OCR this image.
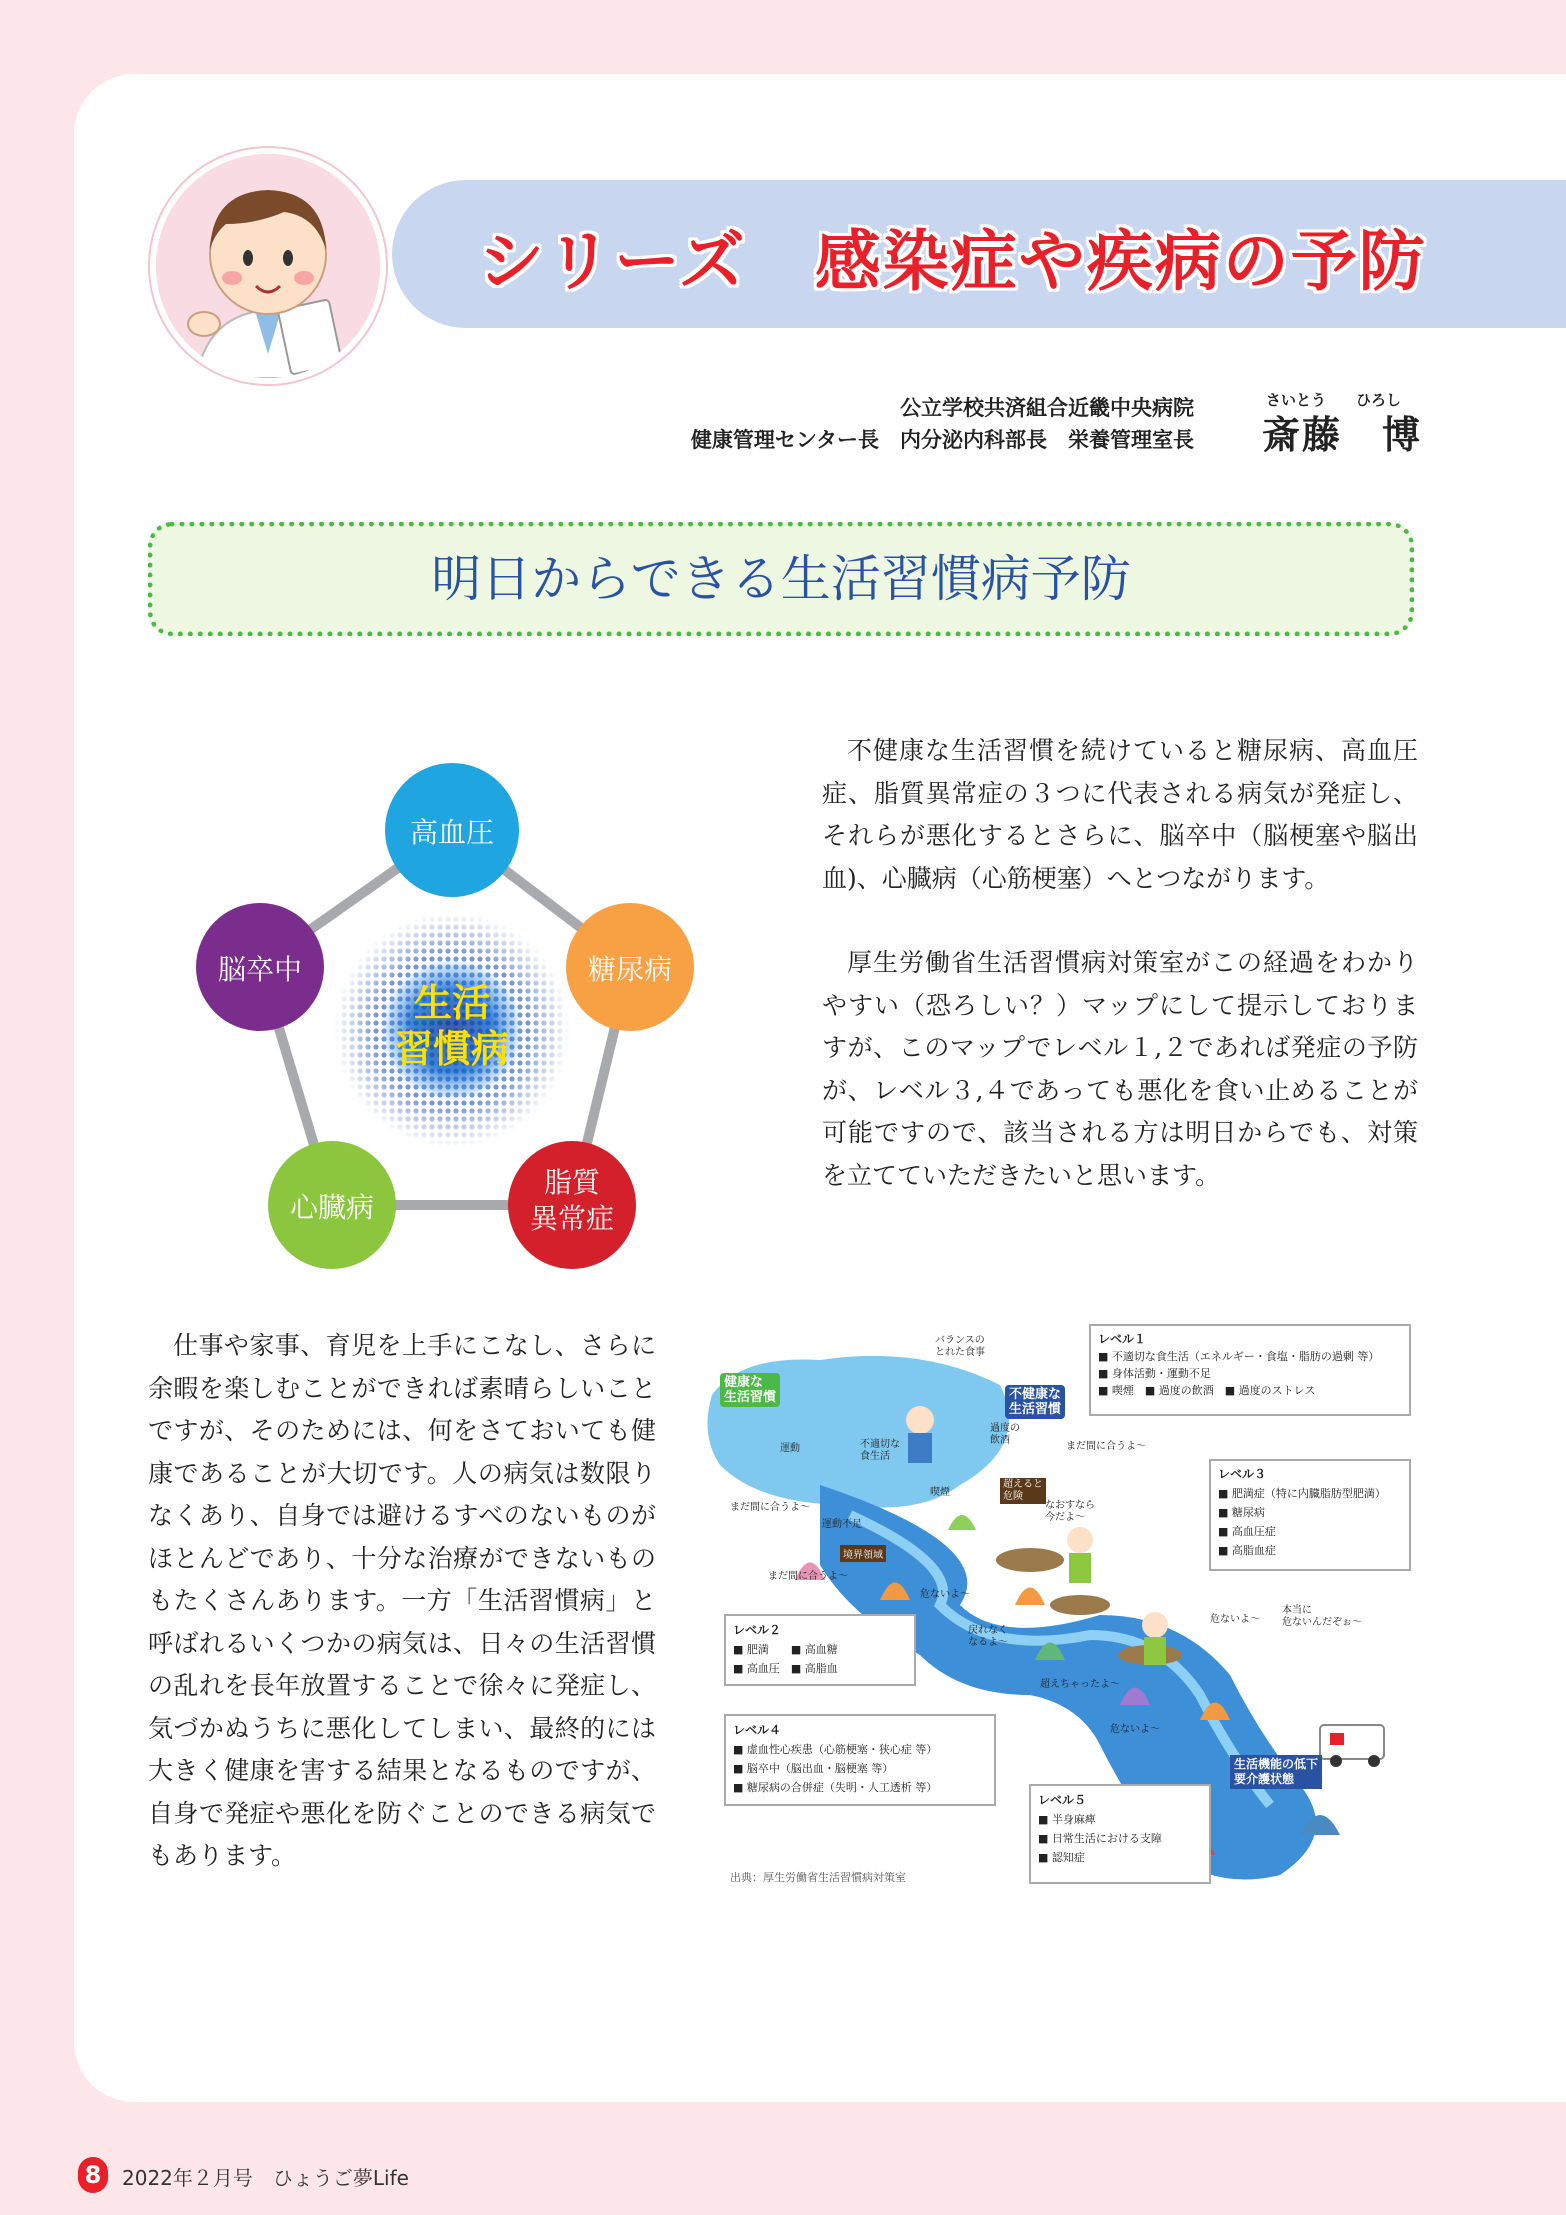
シリーズ　感染症や疾病の予防
公立学校共済組合近畿中央病院
健康管理センター長　内分泌内科部長　栄養管理室長
さいとう　　ひろし
斎藤　博
明日からできる生活習慣病予防
高血圧
糖尿病
脂質
異常症
心臓病
脳卒中
生活
習慣病

不健康な生活習慣を続けていると糖尿病、高血圧症、脂質異常症の３つに代表される病気が発症し、それらが悪化するとさらに、脳卒中（脳梗塞や脳出血)、心臓病（心筋梗塞）へとつながります。

厚生労働省生活習慣病対策室がこの経過をわかりやすい（恐ろしい？）マップにして提示しておりますが、このマップでレベル１,２であれば発症の予防が、レベル３,４であっても悪化を食い止めることが可能ですので、該当される方は明日からでも、対策を立てていただきたいと思います。

仕事や家事、育児を上手にこなし、さらに余暇を楽しむことができれば素晴らしいことですが、そのためには、何をさておいても健康であることが大切です。人の病気は数限りなくあり、自身では避けるすべのないものがほとんどであり、十分な治療ができないものもたくさんあります。一方「生活習慣病」と呼ばれるいくつかの病気は、日々の生活習慣の乱れを長年放置することで徐々に発症し、気づかぬうちに悪化してしまい、最終的には大きく健康を害する結果となるものですが、自身で発症や悪化を防ぐことのできる病気でもあります。

健康な
生活習慣	不健康な
生活習慣
バランスの
とれた食事
運動	不適切な
食生活
過度の
飲酒
喫煙
運動不足
境界領域
超えると
危険
まだ間に合うよ～
まだ間に合うよ～
まだ間に合うよ～
なおすなら
今だよ～
危ないよ～
危ないよ～
危ないよ～
戻れなく
なるよ～
超えちゃったよ～
本当に
危ないんだぞぉ～
生活機能の低下
要介護状態
レベル１
■ 不適切な食生活（エネルギー・食塩・脂肪の過剰 等）
■ 身体活動・運動不足
■ 喫煙　 ■ 過度の飲酒　 ■ 過度のストレス
レベル３
■ 肥満症（特に内臓脂肪型肥満）
■ 糖尿病
■ 高血圧症
■ 高脂血症
レベル２
■ 肥満　　 ■ 高血糖
■ 高血圧　 ■ 高脂血
レベル４
■ 虚血性心疾患（心筋梗塞・狭心症 等）
■ 脳卒中（脳出血・脳梗塞 等）
■ 糖尿病の合併症（失明・人工透析 等）
レベル５
■ 半身麻痺
■ 日常生活における支障
■ 認知症
出典：厚生労働省生活習慣病対策室
8	2022年２月号　ひょうご夢Life
